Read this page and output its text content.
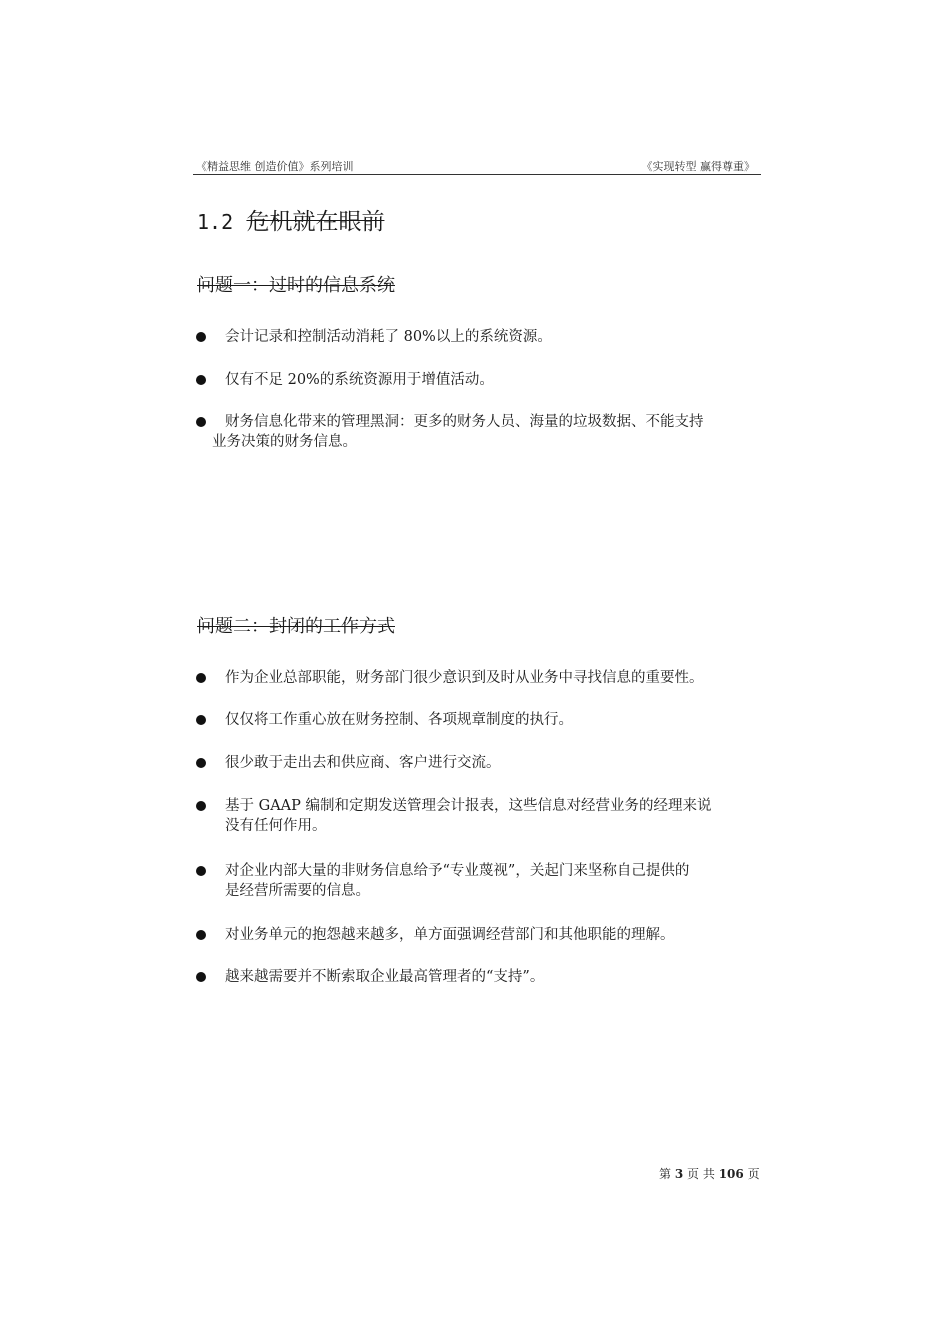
《精益思维 创造价值》系列培训	《实现转型 赢得尊重》
1.2 危机就在眼前
问题一：过时的信息系统
会计记录和控制活动消耗了 80%以上的系统资源。
仅有不足 20%的系统资源用于增值活动。
财务信息化带来的管理黑洞：更多的财务人员、海量的垃圾数据、不能支持
业务决策的财务信息。
问题二：封闭的工作方式
作为企业总部职能，财务部门很少意识到及时从业务中寻找信息的重要性。
仅仅将工作重心放在财务控制、各项规章制度的执行。
很少敢于走出去和供应商、客户进行交流。
基于 GAAP 编制和定期发送管理会计报表，这些信息对经营业务的经理来说
没有任何作用。
对企业内部大量的非财务信息给予“专业蔑视”，关起门来坚称自己提供的
是经营所需要的信息。
对业务单元的抱怨越来越多，单方面强调经营部门和其他职能的理解。
越来越需要并不断索取企业最高管理者的“支持”。
第 3 页 共 106 页
